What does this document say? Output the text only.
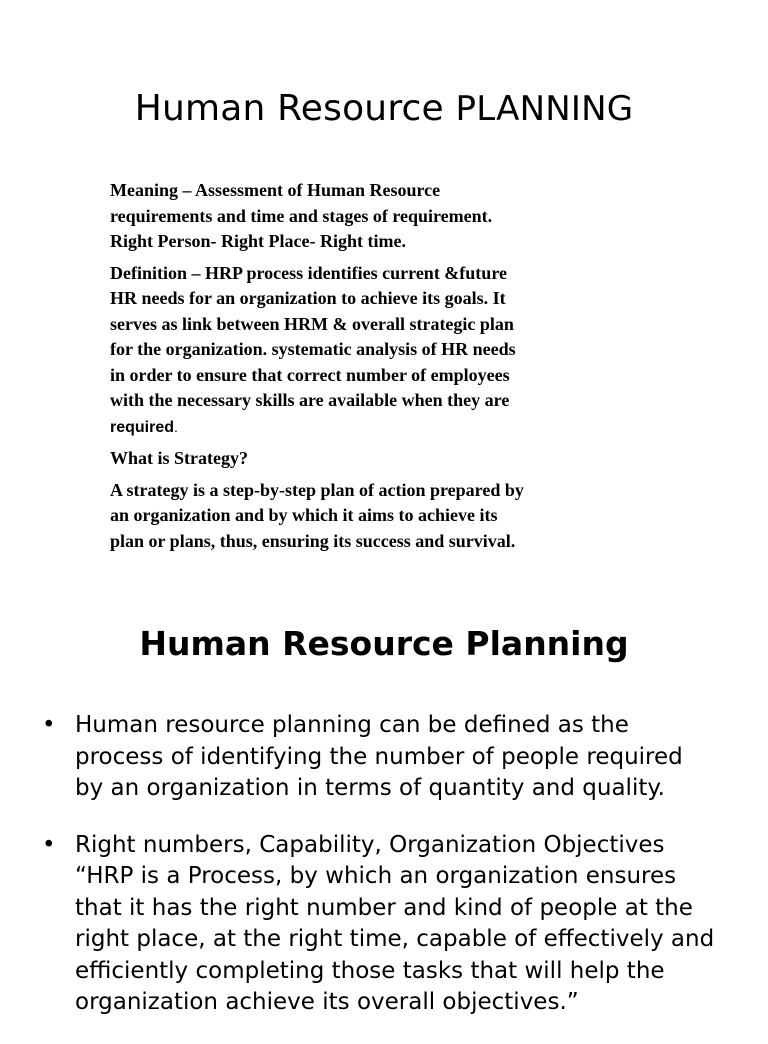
Human Resource PLANNING

Meaning – Assessment of Human Resource
requirements and time and stages of requirement.
Right Person- Right Place- Right time.

Definition – HRP process identifies current &future
HR needs for an organization to achieve its goals. It
serves as link between HRM & overall strategic plan
for the organization. systematic analysis of HR needs
in order to ensure that correct number of employees
with the necessary skills are available when they are
required.

What is Strategy?

A strategy is a step-by-step plan of action prepared by
an organization and by which it aims to achieve its
plan or plans, thus, ensuring its success and survival.

Human Resource Planning
• Human resource planning can be defined as the
process of identifying the number of people required
by an organization in terms of quantity and quality.
• Right numbers, Capability, Organization Objectives
“HRP is a Process, by which an organization ensures
that it has the right number and kind of people at the
right place, at the right time, capable of effectively and
efficiently completing those tasks that will help the
organization achieve its overall objectives.”
